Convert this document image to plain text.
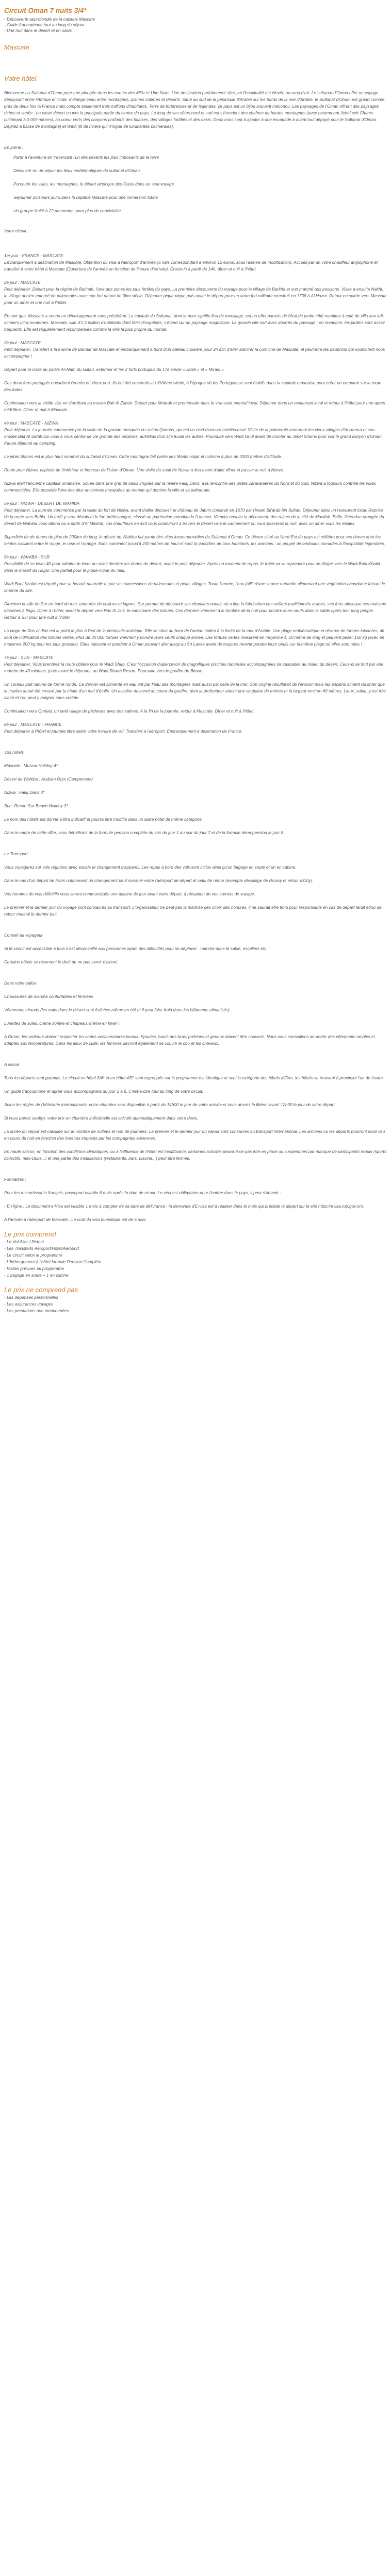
Circuit Oman 7 nuits 3/4*

- Découverte approfondie de la capitale Mascate

- Guide francophone tout au long du séjour

- Une nuit dans le désert et en oasis

Mascate
Votre hôtel

Bienvenue au Sultanat d'Oman pour une plongée dans les contes des Mille et Une Nuits. Une destination parfaitement sûre, où l'hospitalité est élevée au rang d'art. Le sultanat d'Oman offre un voyage dépaysant entre l'Afrique et l'Inde, mélange beau entre montagnes, plaines côtières et déserts. Situé au sud de la péninsule d'Arabie sur les bords de la mer d'Arabie, le Sultanat d'Oman est grand comme près de deux fois la France mais compte seulement trois millions d'habitants. Terre de forteresses et de légendes, ce pays est un bijou souvent méconnu. Les paysages de l'Oman offrent des paysages riches et variés : un vaste désert couvre la principale partie du centre du pays. Le long de ses côtes nord et sud est s'étendent des chaînes de hautes montagnes (avec notamment Jebel ech Chams culminant à 3 009 mètres), au coeur verts des canyons profonds des falaises, des villages fortifiés et des oasis. Deux mois sont à ajouter à une escapade à avant tout dépayé pour le Sultanat d'Oman. Dépliez à balise de montagne) et Wadi (lit de rivière qui n'irigue de luxuriantes palmeraies).

En prime :

Partir à l'aventure en traversant l'un des déserts les plus imposants de la terre
Découvrir en un séjour les lieux emblématiques du sultanat d'Oman
Parcourir les villes, les montagnes, le désert ainsi que des Oasis dans un seul voyage
Séjourner plusieurs jours dans la capitale Mascate pour une immersion totale
Un groupe limité à 22 personnes pour plus de convivialité

Votre circuit :

1er jour : FRANCE - MASCATE

Embarquement à destination de Mascate. Obtention du visa à l'aéroport d'arrivée (5 rials correspondant à environ 12 euros, sous réserve de modification). Accueil par un votre chauffeur anglophone et transfert à votre hôtel à Mascate (Ouverture de l'arrivée en fonction de l'heure d'arrivée). Check-in à partir de 14h, dîner et nuit à l'hôtel.

2è jour : MASCATE

Petit déjeuner. Départ pour la région de Batinah, l'une des zones les plus fertiles du pays. La première découverte du voyage pour le village de Barkha et son marché aux poissons. Visite à ensuite Nakhl, le village ancien entouré de palmeraies avec son fort datant de 3km siècle. Déjeuner pique-nique puis avant le départ pour un autre fort militaire construit en 1708 à Al Hazm. Retour en soirée vers Mascate pour un dîner et une nuit à l'hôtel.

En tant que, Mascate a connu un développement sans précédent. La capitale du Sultanat, dont le nom signifie lieu de mouillage, est un effet parasis de l'état de petite côté maritime à coté de villa aux toît-actuiers ultra-modernes. Mascate, ville d'1,5 million d'habitants dont 50% d'expatriés, s'étend sur un paysage magnifique. La grande cité sort avec aborrés du passage ; en revanche, les jardins sont assez fréquents. Elle est régulièrement récompensée comme la ville la plus propre du monde.

3è jour : MASCATE

Petit déjeuner. Transfert à la marina de Bandar de Mascate et embarquement à bord d'un bateau croisière pour 2h afin d'aller admirer la corniche de Mascate, et peut-être les dauphins qui souhaitent nous accompagner !

Départ pour la visite du palais Al-Alam du sultan, exterieur et les 2 forts portugais du 17e siècle « Jalali » et « Mirani ».

Ces deux forts portugais encadrent l'entrée du vieux port. Ils ont été construits au XVIème siècle, à l'époque où les Portugais se sont établis dans la capitale omanaise pour créer un comptoir sur la route des Indes.

Continuation vers la vieille ville en s'arrêtant au musée Bait Al Zubair. Départ pour Muttrah et promenade dans le vrai souk oriental local. Déjeuner dans un restaurant local et retour à l'hôtel pour une après midi libre. Dîner et nuit à Mascate.

4è jour : MASCATE - NIZWA

Petit déjeuner. La journée commence par la visite de la grande mosquée du sultan Qaboos, qui est un chef d'oeuvre architectural. Visite de la palmeraie entourant les vieux villages d'Al Hamra et son musée Bait Al Safah qui vous a vous centre de vie grande des omanais, autrefois d'un site fuvait les autres. Poursuite vers Wadi Ghul avant de monter au Jebel Shams pour voir le grand canyon d'Oman. Pause déjeuné au camping.

Le jebel Shams est le plus haut sommet du sultanat d'Oman. Cette montagne fait partie des Monts Hajar et culmine à plus de 3000 mètres d'altitude.

Route pour Nizwa, capitale de l'intérieur et berceau de l'islam d'Oman. Une visite du souk de Nizwa a lieu avant d'aller dîner et passer la nuit à Nizwa.

Nizwa était l'ancienne capitale omanaise. Située dans une grande oasis irriguée par la rivière Falaj Daris, à la rencontre des pistes caravanières du Nord et du Sud, Nizwa a toujours contrôlé les voies commerciales. Elle possède l'une des plus anciennes mosquées au monde qui domine la ville et sa palmeraie.

5è jour : NIZWA - DESERT DE WAHIBA

Petit déjeuner. La journée commence par la visite du fort de Nizwa, avant d'aller découvrir le château de Jabrin construit en 1670 par l'imam Bil'arab bin Sultan. Déjeuner dans un restaurant local. Reprise de la route vers Bahla. Un arrêt y sera dévolu et le fort préhistorique, classé au patrimoine mondial de l'Unesco. Viendra ensuite la découverte des ruines de la cité de Manifah. Enfin, l'étendue orangée du désert de Wahiba vous attend au à partir d'Al Mintirib, vos chauffeurs en 4x4 vous conduiront à travers le désert vers le campement ou vous passerez la nuit, avec un dîner sous les étoiles.

Superficie de de dunes de plus de 200km de long, le désert de Wahiba fait partie des sites incontournables du Sultanat d'Oman. Ce désert situé au Nord-Est du pays est célèbre pour ses dunes dont les teintes oscillent entre le rouge, le rose et l'orange. Elles culminent jusqu'à 200 mètres de haut et sont la quotidien de tous habitants, les wahibas : un peuple de bédouins nomades à l'hospitalité légendaire.

6è jour : WAHIBA - SUR

Possibilité de se lever 40 pour admirer le lever du soleil derrière les dunes du désert, avant le petit déjeuner. Après un moment de repos, le trajet va se reprendre pour se diriger vers le Wadi Bani Khalid dans le massif du Hajjar. Une parfait pour le pique-nique du midi.

Wadi Bani Khalid est réputé pour sa beauté naturelle et par ses successions de palmeraies et petits villages. Toute l'année, l'eau jaillit d'une source naturelle alimentant une végétation abondante faisant le charme du site.

Direction la ville de Sur en bord de mer, entourée de collines et lagons. Sur permet de découvrir ses chantiers navals où a lieu la fabrication des voiliers traditionnels arabes, ses forts ainsi que ses maisons blanches à fingo. Dîner à l'hôtel, avant le départ vers Ras Al Jinz, le sanctuaire des tortues. Ces derniers viennent à la tombée de la nuit pour pondre leurs oeufs dans le sable après leur long périple. Retour à Sur pour une nuit à l'hôtel.

La plage de Ras al-Jinz est le point le plus à l'est de la péninsule arabique. Elle se situe au bord de l'océan indien à la limite de la mer d'Arabie. Une plage emblématique et réserve de tortues luisantes, dû sont de nidification des tortues vertes. Plus de 30 000 tortues viennent y pondre leurs oeufs chaque année. Ces tortues vertes mesurent en moyenne 1, 10 mètre de long et peuvent peser 150 kg (avec en moyenne 200 kg pour les plus grosses). Elles naissent et pondent à Oman pouvant aller jusqu'au Sri Lanka avant de toujours revenir pondre leurs oeufs sur la même plage où elles sont nées !

7è jour : SUR - MASCATE

Petit déjeuner. Vous prendrez la route côtière pour le Wadi Shab. C'est l'occasion d'apercevoir de magnifiques piscines naturelles accompagnées de cascades au milieu du désert. Ceux-ci se font par une marche de 40 minutes, juste avant le déjeuner, au Wadi Shaab Resort. Poursuite vers le gouffre de Bimah.

Un curieux puit naturel de forme ronde. Ce dernier est alimenté en eau ont par l'eau des montagnes mais aussi par celle de la mer. Son origine résulterait de l'érosion mais les anciens aiment raconter que le cratère aurait été creusé par la chute d'un mal d'étoile. Un escalier descend au coeur du gouffre, dont la profondeur atteint une vingtaine de mètres et la largeur environ 40 mètres. Lieux, sable, y est très claire et l'on peut y baigner sans crainte.

Continuation vers Quriyat, un petit village de pêcheurs avec des salines. A la fin de la journée, retour à Mascate. Dîner et nuit à l'hôtel.

8è jour : MASCATE - FRANCE

Petit déjeuner à l'hôtel et journée libre selon votre horaire de vol. Transfert à l'aéroport. Embarquement à destination de France.

Vos hôtels

Mascate : Muscat Holiday 4*

Désert de Wahiba : Arabian Oryx (Campement)

Nizwa : Falaj Daris 3*

Sur : Resort Sur Beach Holiday 3*

Le nom des hôtels est donné à titre indicatif et pourra être modifié dans un autre hôtel de même catégorie.

Dans le cadre de cette offre, vous bénéficiez de la formule pension complète du soir du jour 1 au soir du jour 7 et de la formule demi-pension le jour 8.

Le Transport

Vous voyagerez sur vols réguliers avec escale et changement d'appareil. Les repas à bord des vols sont inclus ainsi qu'un bagage en soute et un en cabine.

Dans le cas d'un départ de Paris notamment un changement peut survenir entre l'aéroport de départ et celui de retour (exemple décollage de Roissy et retour d'Orly).

Vos horaires de vols définitifs vous seront communiqués une dizaine de jour avant votre départ, à réception de vos carnets de voyage.

Le premier et le dernier jour du voyage sont consacrés au transport. L'organisateur ne peut pas la maîtrise des choix des horaires, il ne saurait être tenu pour responsable en cas de départ tardif et/ou de retour matinal le dernier jour.

Conseil au voyageur

Si le circuit est accessible à tous il est déconseillé aux personnes ayant des difficultés pour se déplacer : marche dans le sable, escaliers etc...

Certains hôtels se réservent le droit de ne pas servir d'alcool.

Dans votre valise

Chaussures de marche confortables et fermées

Vêtements chauds (les nuits dans le désert sont fraîches même en été et il peut faire froid dans les bâtiments climatisés)

Lunettes de soleil, crème solaire et chapeau, même en hiver !

A Oman, les visiteurs doivent respecter les codes vestimentaires locaux. Epaules, hauts des bras, poitrines et genoux doivent être couverts. Nous vous conseillons de porter des vêtements amples et adaptés aux températures. Dans les lieux de culte, les femmes devront également se couvrir le cou et les cheveux.

A savoir

Tous les départs sont garantis. Le circuit en hôtel 3/4* et en hôtel 4/5* sont regroupés sur le programme est identique et seul la catégorie des hôtels diffère, les hôtels se trouvent à proximité l'un de l'autre.

Un guide francophone et agréé vous accompagnera du jour 2 à 6. C'est-à-dire tout au long de votre circuit.

Selon les règles de l'hôtellerie internationale, votre chambre sera disponible à partir de 14h00 le jour de votre arrivée et vous devrez la libérer avant 12h00 le jour de votre départ.

Si vous partez seul(e), votre prix en chambre individuelle est calculé automatiquement dans votre devis.

La durée du séjour est calculée sur le nombre de nuitées et non de journées. Le premier et le dernier jour du séjour sont consacrés au transport international. Les arrivées ou les départs pourront avoir lieu en cours de nuit en fonction des horaires imposés par les compagnies aériennes.

En haute saison, en fonction des conditions climatiques, ou à l'affluence de l'hôtel est insuffisante, certaines activités peuvent ne pas être en place ou suspendues par manque de participants requis (sports collectifs, mini-clubs...) et une partie des installations (restaurants, bars, piscine...) peut être fermée.

Formalités :

Pour les ressortissants français, passeport valable 6 mois après la date de retour. Le visa est obligatoire pour l'entrée dans le pays, il peut s'obtenir :

- En ligne : Le document e-Visa est valable 1 mois à compter de sa date de délivrance ; la demande d'E-visa est à réaliser dans le mois qui précède le départ sur le site https://evisa.rop.gov.om.

A l'arrivée à l'aéroport de Mascate : Le coût du visa touristique est de 5 rials.

Le prix comprend

- Le Vol Aller / Retour

- Les Transferts Aéroport/Hôtel/Aéroport

- Le circuit selon le programme

- L'hébergement à l'hôtel formule Pension Complète

- Visites prévues au programme

- 1 bagage en soute + 1 en cabine

Le prix ne comprend pas

- Les dépenses personnelles

- Les assurances voyages

- Les prestations non mentionnées
